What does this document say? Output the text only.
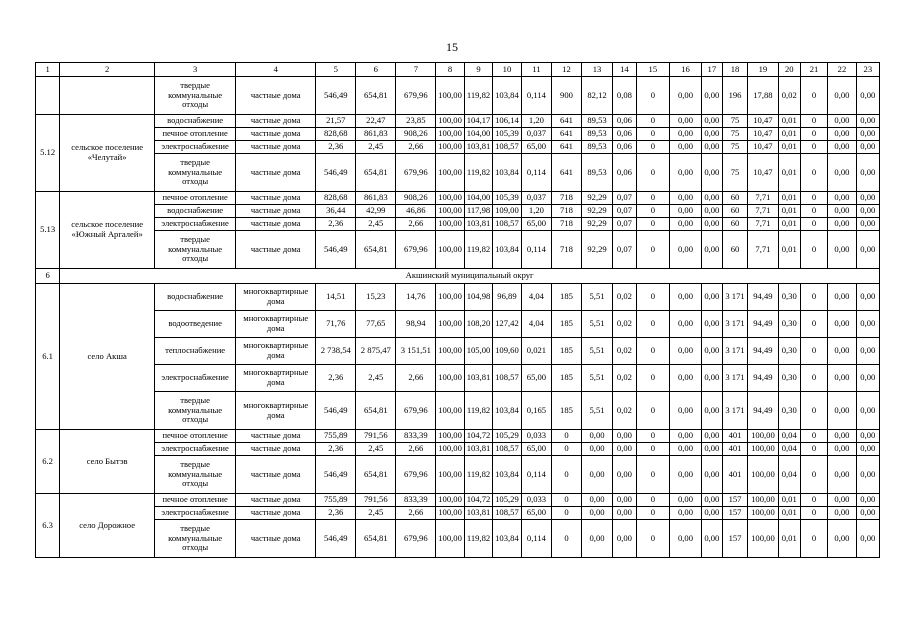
15
1	2	3	4	5	6	7	8	9	10	11	12	13	14	15	16	17	18	19	20	21	22	23
		твердые коммунальные отходы	частные дома	546,49	654,81	679,96	100,00	119,82	103,84	0,114	900	82,12	0,08	0	0,00	0,00	196	17,88	0,02	0	0,00	0,00
5.12	сельское поселение «Челутай»	водоснабжение	частные дома	21,57	22,47	23,85	100,00	104,17	106,14	1,20	641	89,53	0,06	0	0,00	0,00	75	10,47	0,01	0	0,00	0,00
		печное отопление	частные дома	828,68	861,83	908,26	100,00	104,00	105,39	0,037	641	89,53	0,06	0	0,00	0,00	75	10,47	0,01	0	0,00	0,00
		электроснабжение	частные дома	2,36	2,45	2,66	100,00	103,81	108,57	65,00	641	89,53	0,06	0	0,00	0,00	75	10,47	0,01	0	0,00	0,00
		твердые коммунальные отходы	частные дома	546,49	654,81	679,96	100,00	119,82	103,84	0,114	641	89,53	0,06	0	0,00	0,00	75	10,47	0,01	0	0,00	0,00
5.13	сельское поселение «Южный Аргалей»	печное отопление	частные дома	828,68	861,83	908,26	100,00	104,00	105,39	0,037	718	92,29	0,07	0	0,00	0,00	60	7,71	0,01	0	0,00	0,00
		водоснабжение	частные дома	36,44	42,99	46,86	100,00	117,98	109,00	1,20	718	92,29	0,07	0	0,00	0,00	60	7,71	0,01	0	0,00	0,00
		электроснабжение	частные дома	2,36	2,45	2,66	100,00	103,81	108,57	65,00	718	92,29	0,07	0	0,00	0,00	60	7,71	0,01	0	0,00	0,00
		твердые коммунальные отходы	частные дома	546,49	654,81	679,96	100,00	119,82	103,84	0,114	718	92,29	0,07	0	0,00	0,00	60	7,71	0,01	0	0,00	0,00
6	Акшинский муниципальный округ																					
6.1	село Акша	водоснабжение	многоквартирные дома	14,51	15,23	14,76	100,00	104,98	96,89	4,04	185	5,51	0,02	0	0,00	0,00	3 171	94,49	0,30	0	0,00	0,00
		водоотведение	многоквартирные дома	71,76	77,65	98,94	100,00	108,20	127,42	4,04	185	5,51	0,02	0	0,00	0,00	3 171	94,49	0,30	0	0,00	0,00
		теплоснабжение	многоквартирные дома	2 738,54	2 875,47	3 151,51	100,00	105,00	109,60	0,021	185	5,51	0,02	0	0,00	0,00	3 171	94,49	0,30	0	0,00	0,00
		электроснабжение	многоквартирные дома	2,36	2,45	2,66	100,00	103,81	108,57	65,00	185	5,51	0,02	0	0,00	0,00	3 171	94,49	0,30	0	0,00	0,00
		твердые коммунальные отходы	многоквартирные дома	546,49	654,81	679,96	100,00	119,82	103,84	0,165	185	5,51	0,02	0	0,00	0,00	3 171	94,49	0,30	0	0,00	0,00
6.2	село Бытэв	печное отопление	частные дома	755,89	791,56	833,39	100,00	104,72	105,29	0,033	0	0,00	0,00	0	0,00	0,00	401	100,00	0,04	0	0,00	0,00
		электроснабжение	частные дома	2,36	2,45	2,66	100,00	103,81	108,57	65,00	0	0,00	0,00	0	0,00	0,00	401	100,00	0,04	0	0,00	0,00
		твердые коммунальные отходы	частные дома	546,49	654,81	679,96	100,00	119,82	103,84	0,114	0	0,00	0,00	0	0,00	0,00	401	100,00	0,04	0	0,00	0,00
6.3	село Дорожное	печное отопление	частные дома	755,89	791,56	833,39	100,00	104,72	105,29	0,033	0	0,00	0,00	0	0,00	0,00	157	100,00	0,01	0	0,00	0,00
		электроснабжение	частные дома	2,36	2,45	2,66	100,00	103,81	108,57	65,00	0	0,00	0,00	0	0,00	0,00	157	100,00	0,01	0	0,00	0,00
		твердые коммунальные отходы	частные дома	546,49	654,81	679,96	100,00	119,82	103,84	0,114	0	0,00	0,00	0	0,00	0,00	157	100,00	0,01	0	0,00	0,00
